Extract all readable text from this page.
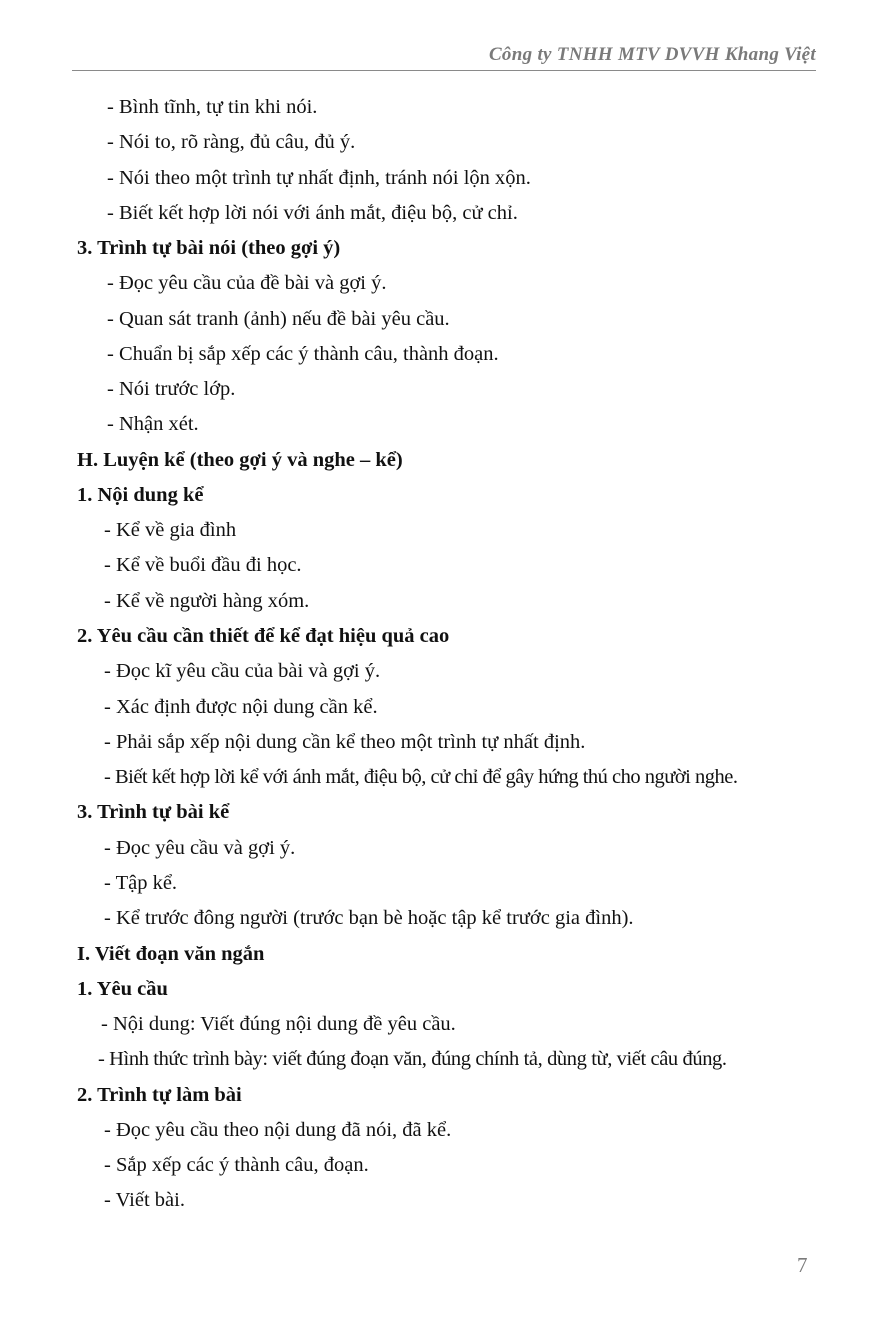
Công ty TNHH MTV DVVH Khang Việt
- Bình tĩnh, tự tin khi nói.
- Nói to, rõ ràng, đủ câu, đủ ý.
- Nói theo một trình tự nhất định, tránh nói lộn xộn.
- Biết kết hợp lời nói với ánh mắt, điệu bộ, cử chỉ.
3. Trình tự bài nói (theo gợi ý)
- Đọc yêu cầu của đề bài và gợi ý.
- Quan sát tranh (ảnh) nếu đề bài yêu cầu.
- Chuẩn bị sắp xếp các ý thành câu, thành đoạn.
- Nói trước lớp.
- Nhận xét.
H. Luyện kể (theo gợi ý và nghe – kể)
1. Nội dung kể
- Kể về gia đình
- Kể về buổi đầu đi học.
- Kể về người hàng xóm.
2. Yêu cầu cần thiết để kể đạt hiệu quả cao
- Đọc kĩ yêu cầu của bài và gợi ý.
- Xác định được nội dung cần kể.
- Phải sắp xếp nội dung cần kể theo một trình tự nhất định.
- Biết kết hợp lời kể với ánh mắt, điệu bộ, cử chỉ để gây hứng thú cho người nghe.
3. Trình tự bài kể
- Đọc yêu cầu và gợi ý.
- Tập kể.
- Kể trước đông người (trước bạn bè hoặc tập kể trước gia đình).
I. Viết đoạn văn ngắn
1. Yêu cầu
- Nội dung: Viết đúng nội dung đề yêu cầu.
- Hình thức trình bày: viết đúng đoạn văn, đúng chính tả, dùng từ, viết câu đúng.
2. Trình tự làm bài
- Đọc yêu cầu theo nội dung đã nói, đã kể.
- Sắp xếp các ý thành câu, đoạn.
- Viết bài.
7
